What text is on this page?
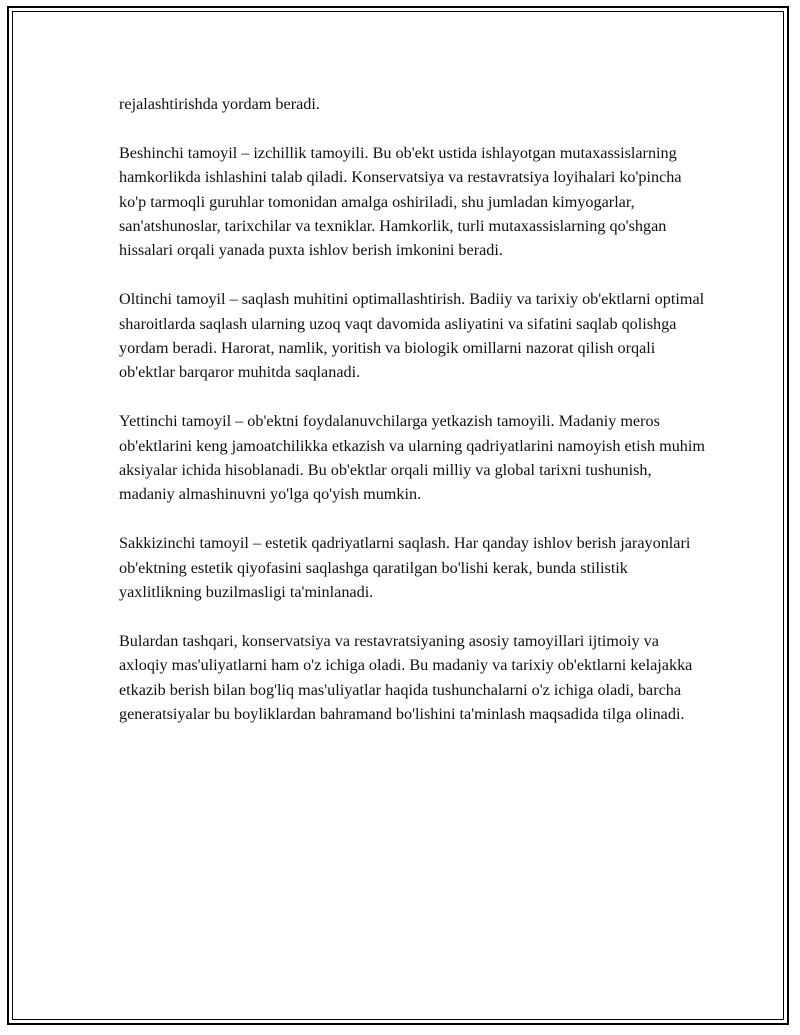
rejalashtirishda yordam beradi.

Beshinchi tamoyil – izchillik tamoyili. Bu ob'ekt ustida ishlayotgan mutaxassislarning hamkorlikda ishlashini talab qiladi. Konservatsiya va restavratsiya loyihalari ko'pincha ko'p tarmoqli guruhlar tomonidan amalga oshiriladi, shu jumladan kimyogarlar, san'atshunoslar, tarixchilar va texniklar. Hamkorlik, turli mutaxassislarning qo'shgan hissalari orqali yanada puxta ishlov berish imkonini beradi.

Oltinchi tamoyil – saqlash muhitini optimallashtirish. Badiiy va tarixiy ob'ektlarni optimal sharoitlarda saqlash ularning uzoq vaqt davomida asliyatini va sifatini saqlab qolishga yordam beradi. Harorat, namlik, yoritish va biologik omillarni nazorat qilish orqali ob'ektlar barqaror muhitda saqlanadi.

Yettinchi tamoyil – ob'ektni foydalanuvchilarga yetkazish tamoyili. Madaniy meros ob'ektlarini keng jamoatchilikka etkazish va ularning qadriyatlarini namoyish etish muhim aksiyalar ichida hisoblanadi. Bu ob'ektlar orqali milliy va global tarixni tushunish, madaniy almashinuvni yo'lga qo'yish mumkin.

Sakkizinchi tamoyil – estetik qadriyatlarni saqlash. Har qanday ishlov berish jarayonlari ob'ektning estetik qiyofasini saqlashga qaratilgan bo'lishi kerak, bunda stilistik yaxlitlikning buzilmasligi ta'minlanadi.

Bulardan tashqari, konservatsiya va restavratsiyaning asosiy tamoyillari ijtimoiy va axloqiy mas'uliyatlarni ham o'z ichiga oladi. Bu madaniy va tarixiy ob'ektlarni kelajakka etkazib berish bilan bog'liq mas'uliyatlar haqida tushunchalarni o'z ichiga oladi, barcha generatsiyalar bu boyliklardan bahramand bo'lishini ta'minlash maqsadida tilga olinadi.
